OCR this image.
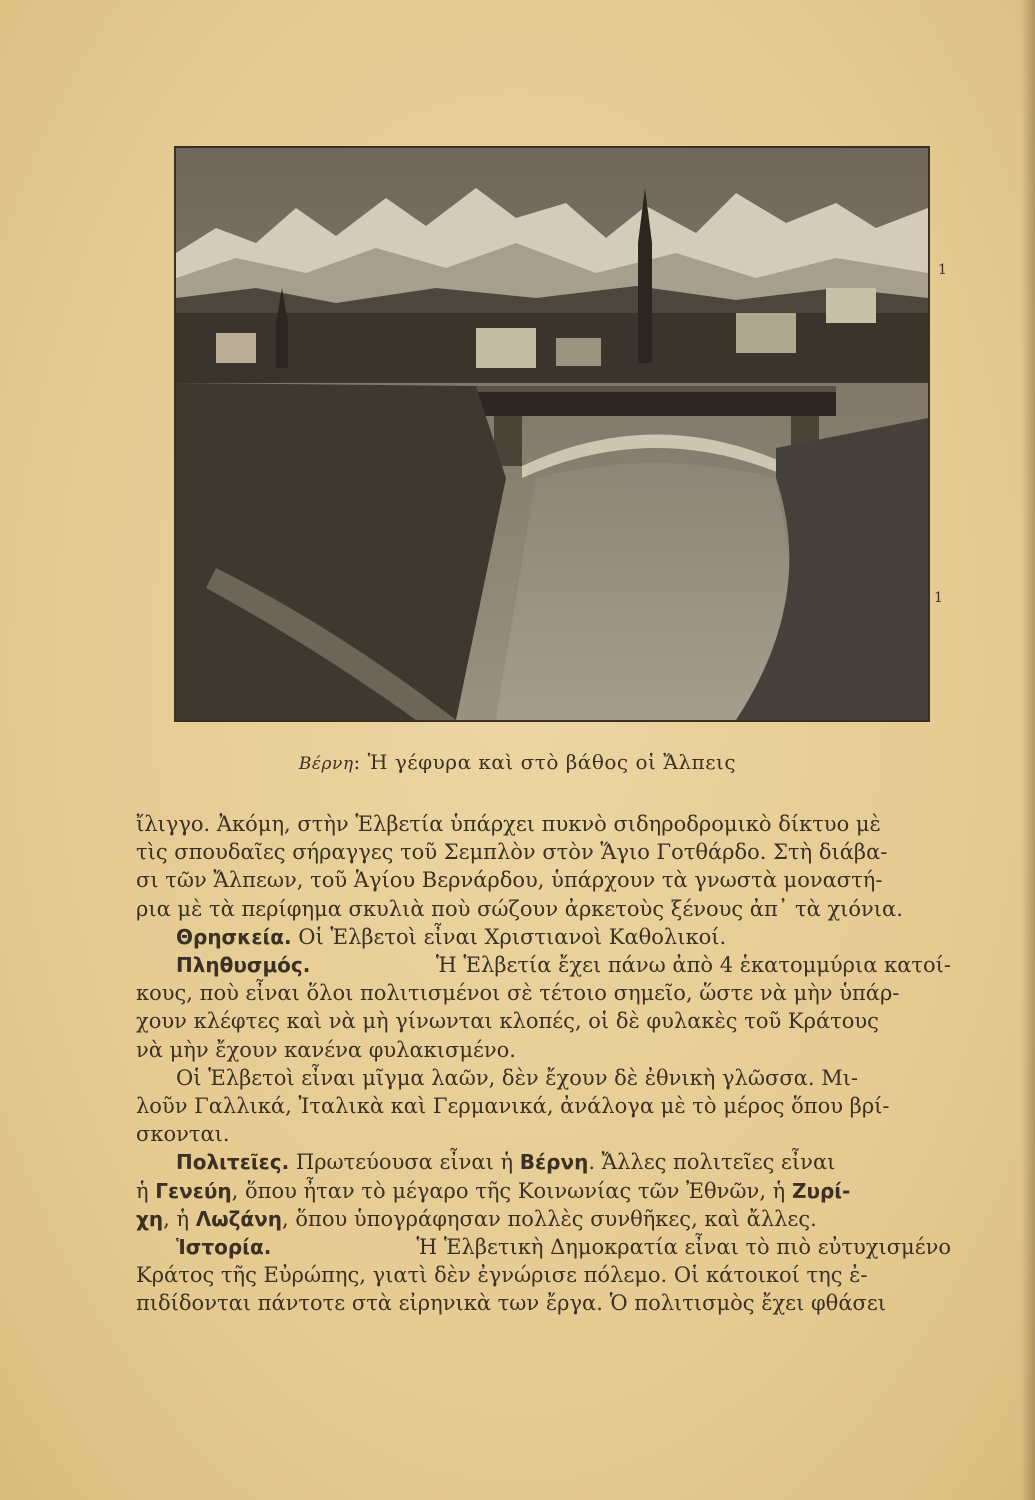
1
1
Βέρνη: Ἡ γέφυρα καὶ στὸ βάθος οἱ Ἄλπεις
ἴλιγγο. Ἀκόμη, στὴν Ἑλβετία ὑπάρχει πυκνὸ σιδηροδρομικὸ δίκτυο μὲ
τὶς σπουδαῖες σήραγγες τοῦ Σεμπλὸν στὸν Ἅγιο Γοτθάρδο. Στὴ διάβα-
σι τῶν Ἄλπεων, τοῦ Ἁγίου Βερνάρδου, ὑπάρχουν τὰ γνωστὰ μοναστή-
ρια μὲ τὰ περίφημα σκυλιὰ ποὺ σώζουν ἀρκετοὺς ξένους ἀπ᾿ τὰ χιόνια.
Θρησκεία. Οἱ Ἑλβετοὶ εἶναι Χριστιανοὶ Καθολικοί.
Πληθυσμός.	Ἡ Ἑλβετία ἔχει πάνω ἀπὸ 4 ἑκατομμύρια κατοί-
κους, ποὺ εἶναι ὅλοι πολιτισμένοι σὲ τέτοιο σημεῖο, ὥστε νὰ μὴν ὑπάρ-
χουν κλέφτες καὶ νὰ μὴ γίνωνται κλοπές, οἱ δὲ φυλακὲς τοῦ Κράτους
νὰ μὴν ἔχουν κανένα φυλακισμένο.
Οἱ Ἑλβετοὶ εἶναι μῖγμα λαῶν, δὲν ἔχουν δὲ ἐθνικὴ γλῶσσα. Μι-
λοῦν Γαλλικά, Ἰταλικὰ καὶ Γερμανικά, ἀνάλογα μὲ τὸ μέρος ὅπου βρί-
σκονται.
Πολιτεῖες. Πρωτεύουσα εἶναι ἡ Βέρνη . Ἄλλες πολιτεῖες εἶναι
ἡ Γενεύη , ὅπου ἦταν τὸ μέγαρο τῆς Κοινωνίας τῶν Ἐθνῶν, ἡ Ζυρί-
χη , ἡ Λωζάνη , ὅπου ὑπογράφησαν πολλὲς συνθῆκες, καὶ ἄλλες.
Ἱστορία.	Ἡ Ἑλβετικὴ Δημοκρατία εἶναι τὸ πιὸ εὐτυχισμένο
Κράτος τῆς Εὐρώπης, γιατὶ δὲν ἐγνώρισε πόλεμο. Οἱ κάτοικοί της ἐ-
πιδίδονται πάντοτε στὰ εἰρηνικὰ των ἔργα. Ὁ πολιτισμὸς ἔχει φθάσει
